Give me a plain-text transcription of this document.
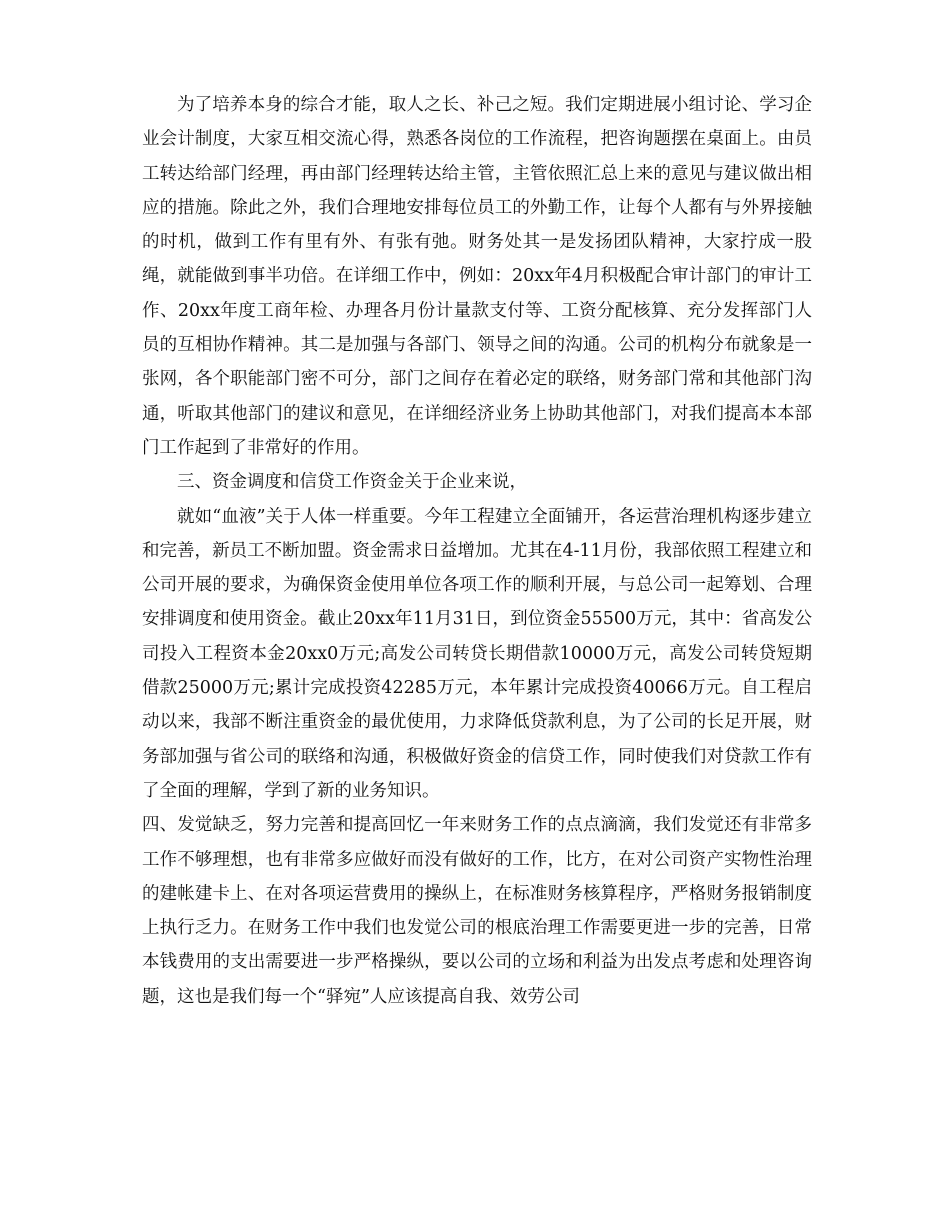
为了培养本身的综合才能，取人之长、补己之短。我们定期进展小组讨论、学习企业会计制度，大家互相交流心得，熟悉各岗位的工作流程，把咨询题摆在桌面上。由员工转达给部门经理，再由部门经理转达给主管，主管依照汇总上来的意见与建议做出相应的措施。除此之外，我们合理地安排每位员工的外勤工作，让每个人都有与外界接触的时机，做到工作有里有外、有张有弛。财务处其一是发扬团队精神，大家拧成一股绳，就能做到事半功倍。在详细工作中，例如：20xx年4月积极配合审计部门的审计工作、20xx年度工商年检、办理各月份计量款支付等、工资分配核算、充分发挥部门人员的互相协作精神。其二是加强与各部门、领导之间的沟通。公司的机构分布就象是一张网，各个职能部门密不可分，部门之间存在着必定的联络，财务部门常和其他部门沟通，听取其他部门的建议和意见，在详细经济业务上协助其他部门，对我们提高本本部门工作起到了非常好的作用。

三、资金调度和信贷工作资金关于企业来说，

就如“血液”关于人体一样重要。今年工程建立全面铺开，各运营治理机构逐步建立和完善，新员工不断加盟。资金需求日益增加。尤其在4-11月份，我部依照工程建立和公司开展的要求，为确保资金使用单位各项工作的顺利开展，与总公司一起筹划、合理安排调度和使用资金。截止20xx年11月31日，到位资金55500万元，其中：省高发公司投入工程资本金20xx0万元;高发公司转贷长期借款10000万元，高发公司转贷短期借款25000万元;累计完成投资42285万元，本年累计完成投资40066万元。自工程启动以来，我部不断注重资金的最优使用，力求降低贷款利息，为了公司的长足开展，财务部加强与省公司的联络和沟通，积极做好资金的信贷工作，同时使我们对贷款工作有了全面的理解，学到了新的业务知识。

四、发觉缺乏，努力完善和提高回忆一年来财务工作的点点滴滴，我们发觉还有非常多工作不够理想，也有非常多应做好而没有做好的工作，比方，在对公司资产实物性治理的建帐建卡上、在对各项运营费用的操纵上，在标准财务核算程序，严格财务报销制度上执行乏力。在财务工作中我们也发觉公司的根底治理工作需要更进一步的完善，日常本钱费用的支出需要进一步严格操纵，要以公司的立场和利益为出发点考虑和处理咨询题，这也是我们每一个“驿宛”人应该提高自我、效劳公司
